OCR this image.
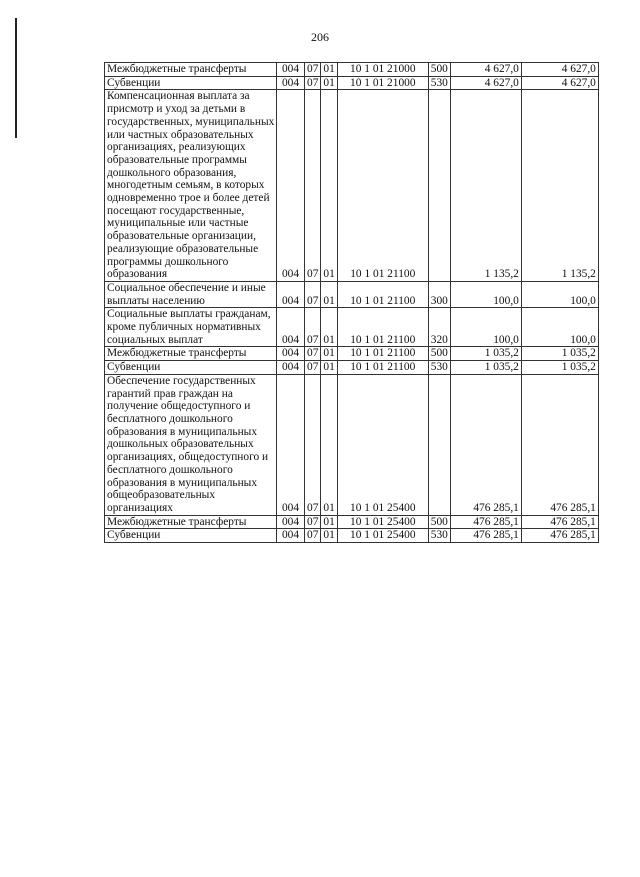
206
Межбюджетные трансферты	004	07	01	10 1 01 21000	500	4 627,0	4 627,0
Субвенции	004	07	01	10 1 01 21000	530	4 627,0	4 627,0
Компенсационная выплата за присмотр и уход за детьми в государственных, муниципальных или частных образовательных организациях, реализующих образовательные программы дошкольного образования, многодетным семьям, в которых одновременно трое и более детей посещают государственные, муниципальные или частные образовательные организации, реализующие образовательные программы дошкольного образования	004	07	01	10 1 01 21100		1 135,2	1 135,2
Социальное обеспечение и иные выплаты населению	004	07	01	10 1 01 21100	300	100,0	100,0
Социальные выплаты гражданам, кроме публичных нормативных социальных выплат	004	07	01	10 1 01 21100	320	100,0	100,0
Межбюджетные трансферты	004	07	01	10 1 01 21100	500	1 035,2	1 035,2
Субвенции	004	07	01	10 1 01 21100	530	1 035,2	1 035,2
Обеспечение государственных гарантий прав граждан на получение общедоступного и бесплатного дошкольного образования в муниципальных дошкольных образовательных организациях, общедоступного и бесплатного дошкольного образования в муниципальных общеобразовательных организациях	004	07	01	10 1 01 25400		476 285,1	476 285,1
Межбюджетные трансферты	004	07	01	10 1 01 25400	500	476 285,1	476 285,1
Субвенции	004	07	01	10 1 01 25400	530	476 285,1	476 285,1
